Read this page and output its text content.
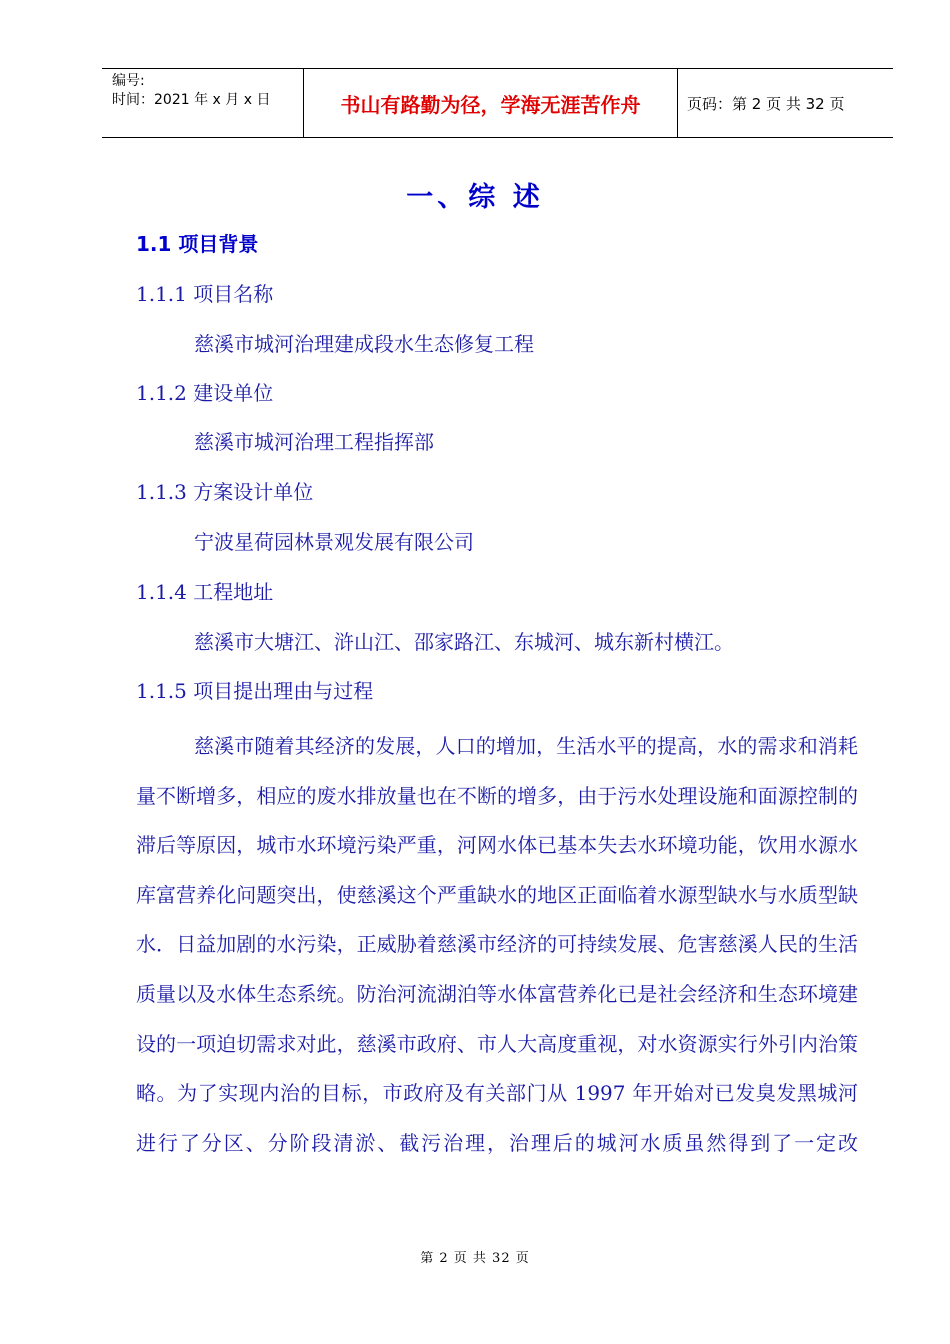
编号:
时间：2021 年 x 月 x 日	书山有路勤为径，学海无涯苦作舟	页码：第 2 页 共 32 页
一、综 述
1.1 项目背景
1.1.1 项目名称
慈溪市城河治理建成段水生态修复工程
1.1.2 建设单位
慈溪市城河治理工程指挥部
1.1.3 方案设计单位
宁波星荷园林景观发展有限公司
1.1.4 工程地址
慈溪市大塘江、浒山江、邵家路江、东城河、城东新村横江。
1.1.5 项目提出理由与过程
慈溪市随着其经济的发展，人口的增加，生活水平的提高，水的需求和消耗量不断增多，相应的废水排放量也在不断的增多，由于污水处理设施和面源控制的滞后等原因，城市水环境污染严重，河网水体已基本失去水环境功能，饮用水源水库富营养化问题突出，使慈溪这个严重缺水的地区正面临着水源型缺水与水质型缺水．日益加剧的水污染，正威胁着慈溪市经济的可持续发展、危害慈溪人民的生活质量以及水体生态系统。防治河流湖泊等水体富营养化已是社会经济和生态环境建设的一项迫切需求对此，慈溪市政府、市人大高度重视，对水资源实行外引内治策略。为了实现内治的目标，市政府及有关部门从 1997 年开始对已发臭发黑城河进行了分区、分阶段清淤、截污治理，治理后的城河水质虽然得到了一定改
第 2 页 共 32 页
